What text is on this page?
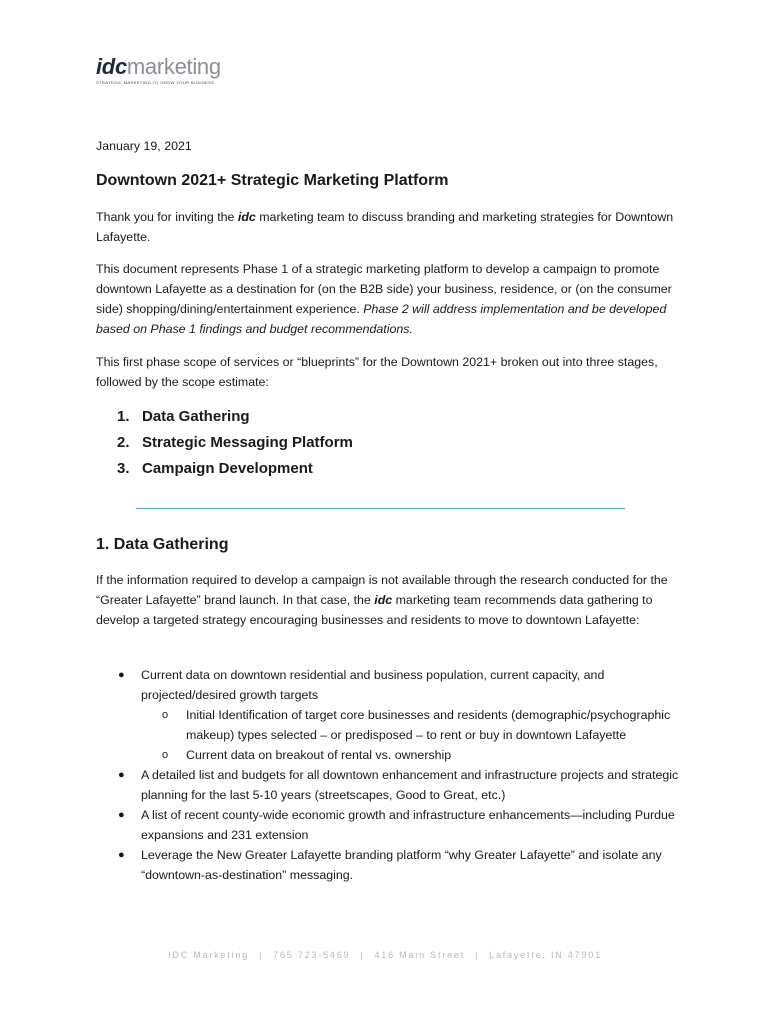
idcmarketing
STRATEGIC MARKETING TO GROW YOUR BUSINESS
January 19, 2021
Downtown 2021+ Strategic Marketing Platform

Thank you for inviting the idc marketing team to discuss branding and marketing strategies for Downtown Lafayette.

This document represents Phase 1 of a strategic marketing platform to develop a campaign to promote downtown Lafayette as a destination for (on the B2B side) your business, residence, or (on the consumer side) shopping/dining/entertainment experience. Phase 2 will address implementation and be developed based on Phase 1 findings and budget recommendations.

This first phase scope of services or “blueprints” for the Downtown 2021+ broken out into three stages, followed by the scope estimate:

1. Data Gathering
2. Strategic Messaging Platform
3. Campaign Development
1. Data Gathering

If the information required to develop a campaign is not available through the research conducted for the “Greater Lafayette” brand launch. In that case, the idc marketing team recommends data gathering to develop a targeted strategy encouraging businesses and residents to move to downtown Lafayette:

● Current data on downtown residential and business population, current capacity, and projected/desired growth targets
o Initial Identification of target core businesses and residents (demographic/psychographic makeup) types selected – or predisposed – to rent or buy in downtown Lafayette
o Current data on breakout of rental vs. ownership
● A detailed list and budgets for all downtown enhancement and infrastructure projects and strategic planning for the last 5-10 years (streetscapes, Good to Great, etc.)
● A list of recent county-wide economic growth and infrastructure enhancements—including Purdue expansions and 231 extension
● Leverage the New Greater Lafayette branding platform “why Greater Lafayette” and isolate any “downtown-as-destination” messaging.
IDC Marketing | 765 723-5469 | 416 Main Street | Lafayette, IN 47901
